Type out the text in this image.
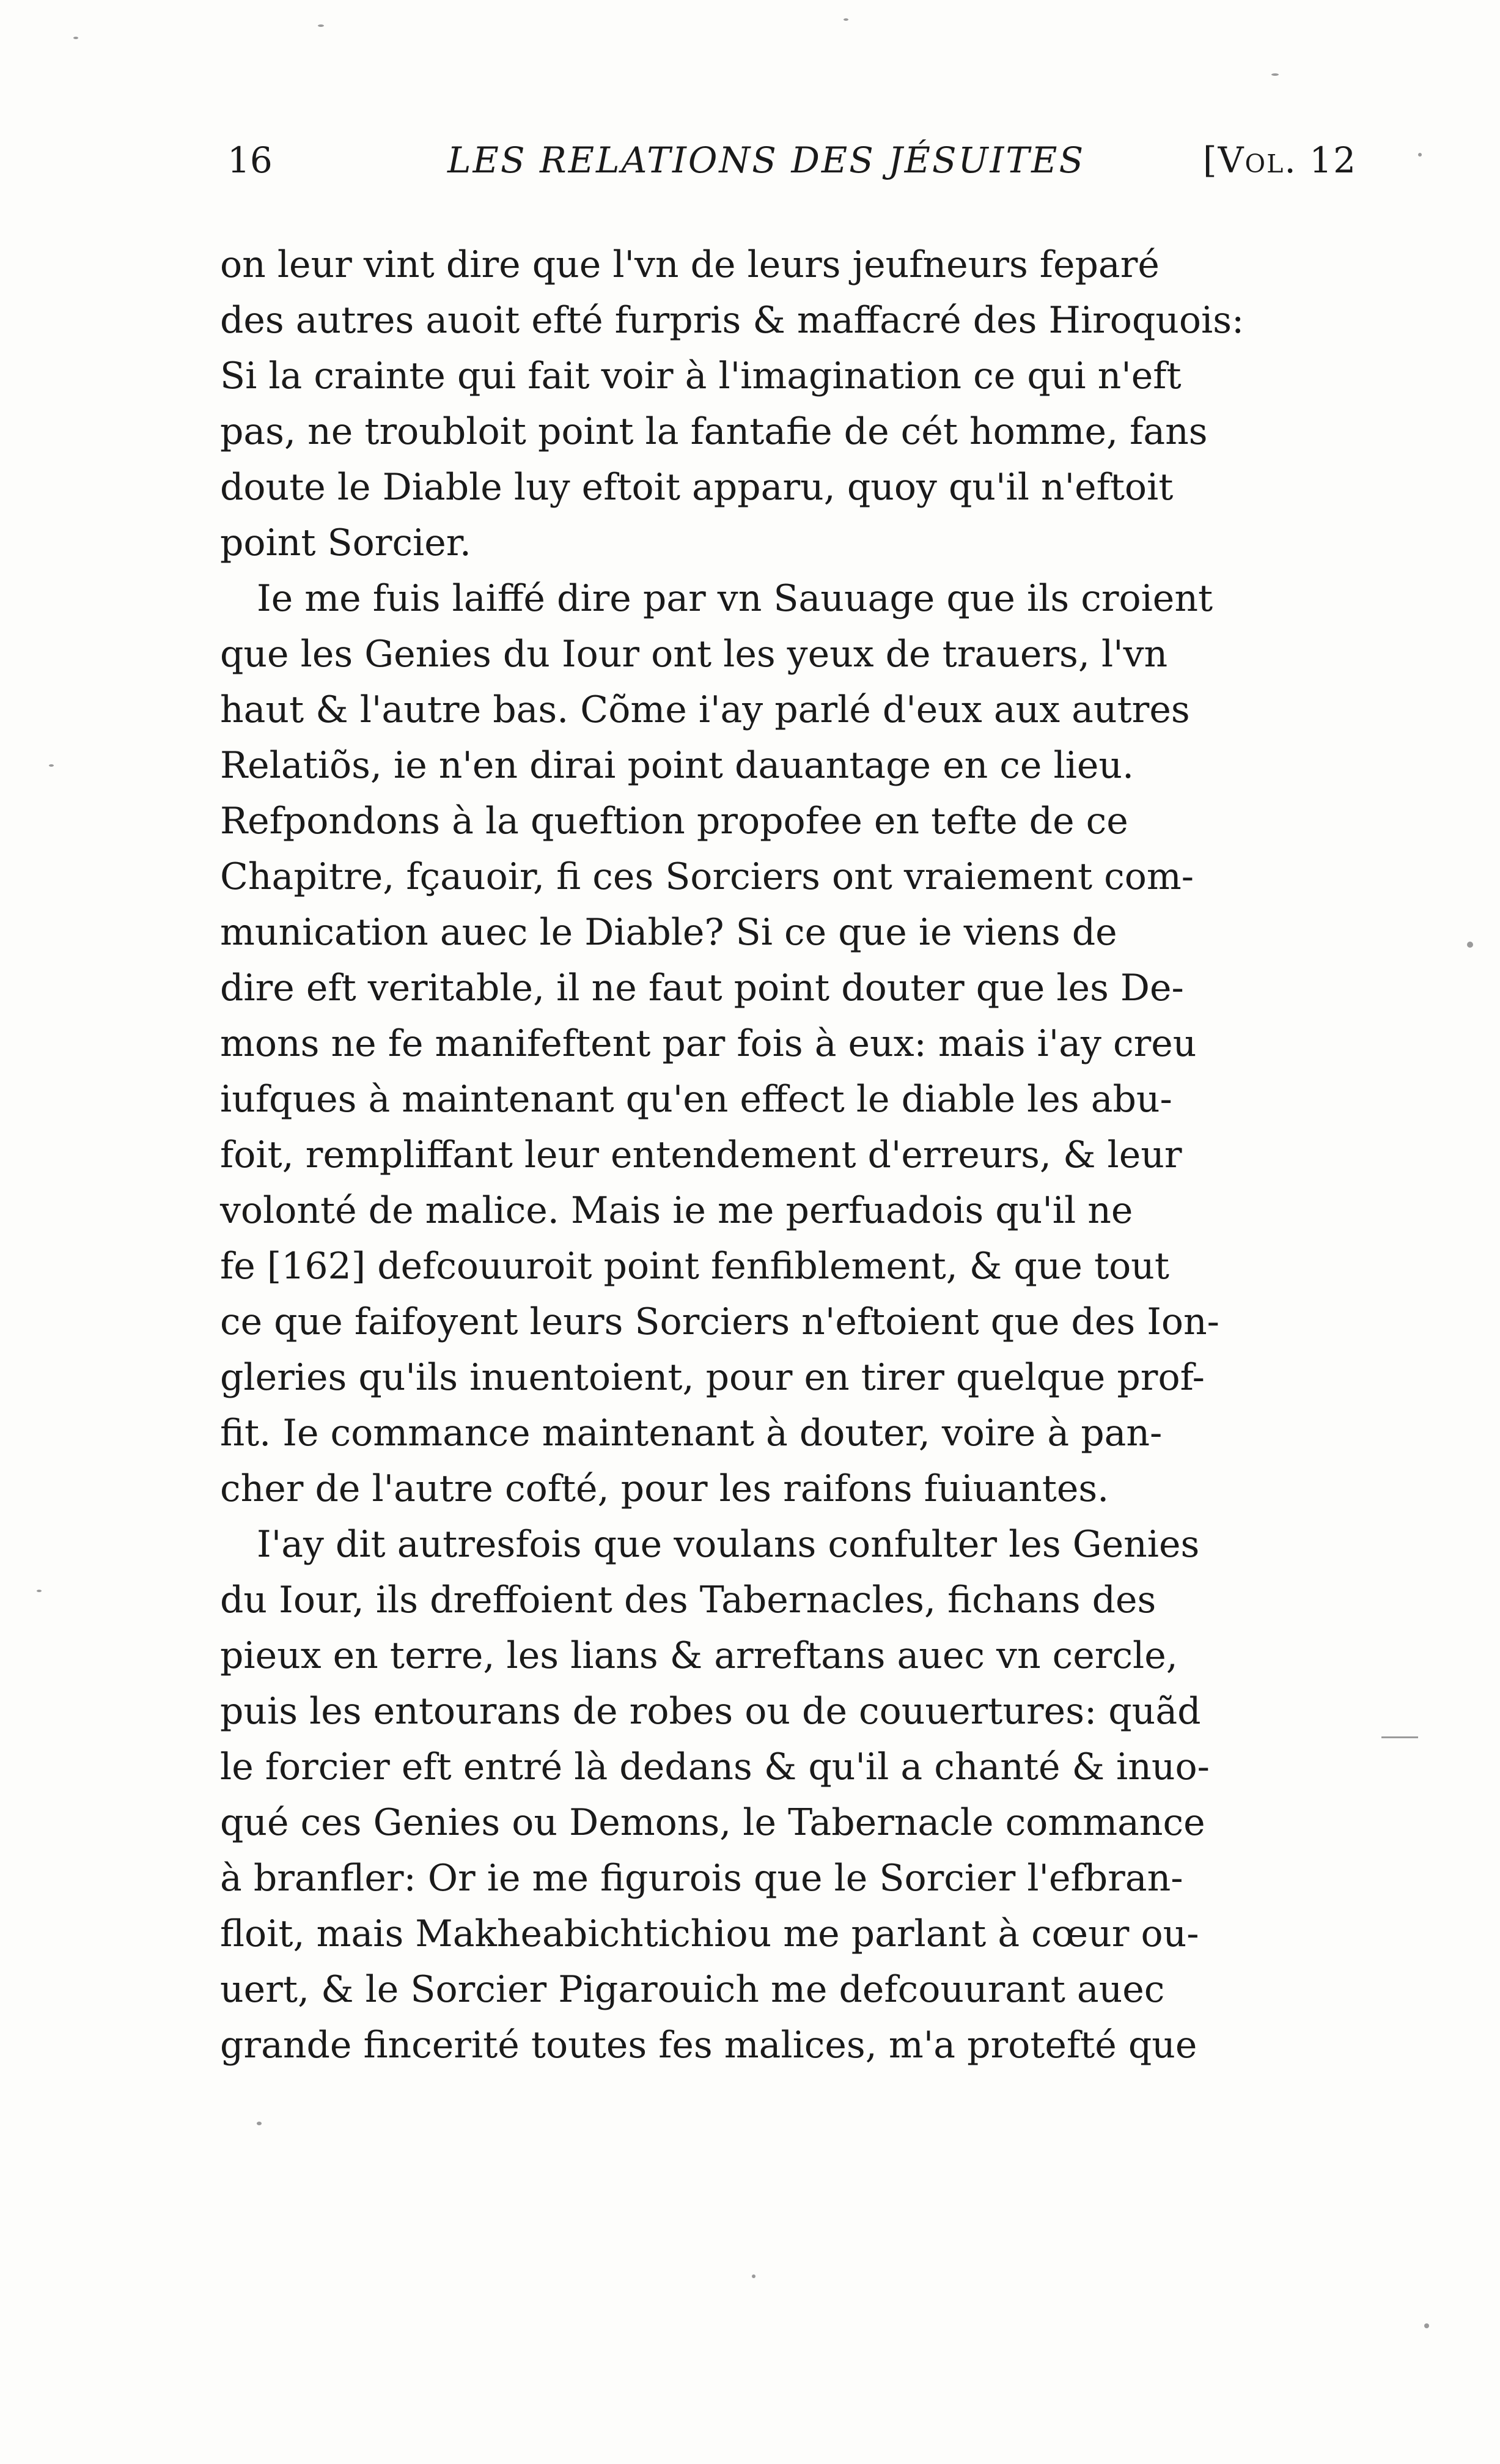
16	LES RELATIONS DES JÉSUITES	[Vol. 12
on leur vint dire que l'vn de leurs jeufneurs feparé
des autres auoit efté furpris & maffacré des Hiroquois:
Si la crainte qui fait voir à l'imagination ce qui n'eft
pas, ne troubloit point la fantafie de cét homme, fans
doute le Diable luy eftoit apparu, quoy qu'il n'eftoit
point Sorcier.
Ie me fuis laiffé dire par vn Sauuage que ils croient
que les Genies du Iour ont les yeux de trauers, l'vn
haut & l'autre bas. Cõme i'ay parlé d'eux aux autres
Relatiõs, ie n'en dirai point dauantage en ce lieu.
Refpondons à la queftion propofee en tefte de ce
Chapitre, fçauoir, fi ces Sorciers ont vraiement com-
munication auec le Diable? Si ce que ie viens de
dire eft veritable, il ne faut point douter que les De-
mons ne fe manifeftent par fois à eux: mais i'ay creu
iufques à maintenant qu'en effect le diable les abu-
foit, rempliffant leur entendement d'erreurs, & leur
volonté de malice. Mais ie me perfuadois qu'il ne
fe [162] defcouuroit point fenfiblement, & que tout
ce que faifoyent leurs Sorciers n'eftoient que des Ion-
gleries qu'ils inuentoient, pour en tirer quelque prof-
fit. Ie commance maintenant à douter, voire à pan-
cher de l'autre cofté, pour les raifons fuiuantes.
I'ay dit autresfois que voulans confulter les Genies
du Iour, ils dreffoient des Tabernacles, fichans des
pieux en terre, les lians & arreftans auec vn cercle,
puis les entourans de robes ou de couuertures: quãd
le forcier eft entré là dedans & qu'il a chanté & inuo-
qué ces Genies ou Demons, le Tabernacle commance
à branfler: Or ie me figurois que le Sorcier l'efbran-
floit, mais Makheabichtichiou me parlant à cœur ou-
uert, & le Sorcier Pigarouich me defcouurant auec
grande fincerité toutes fes malices, m'a protefté que
